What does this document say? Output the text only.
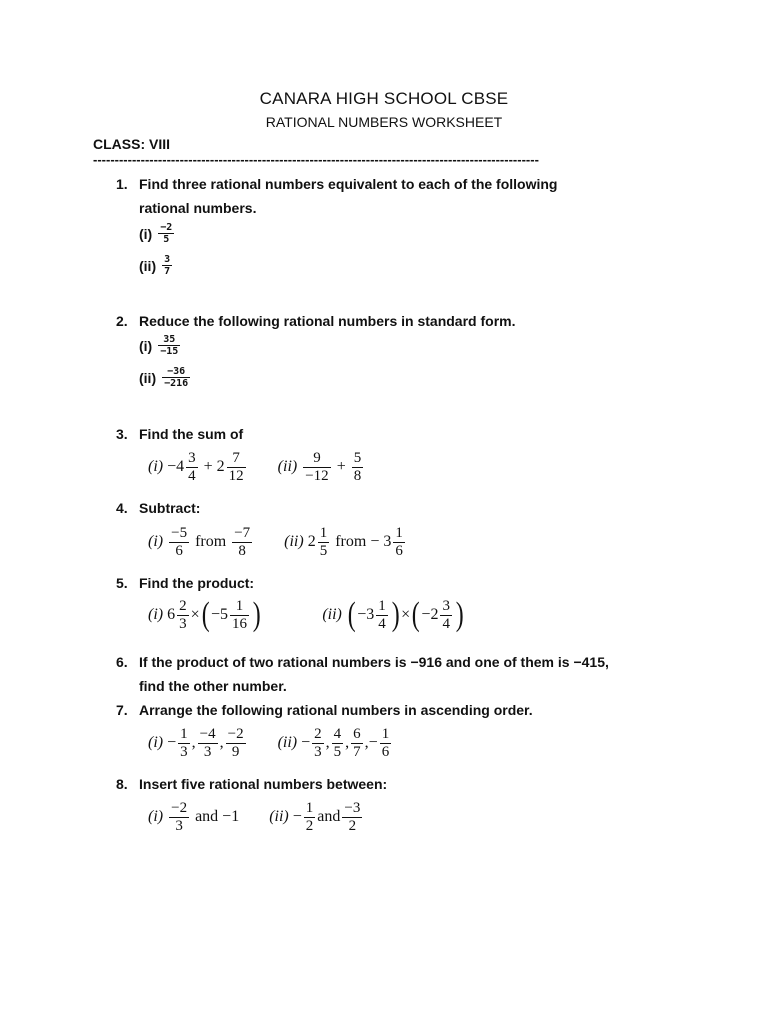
CANARA HIGH SCHOOL CBSE
RATIONAL NUMBERS WORKSHEET
CLASS: VIII
-------------------------------------------------------------------------------------------------------
1. Find three rational numbers equivalent to each of the following
rational numbers.
$(i) \frac{-2}{5}$
$(ii) \frac{3}{7}$
2. Reduce the following rational numbers in standard form.
$(i) \frac{35}{-15}$
$(ii) \frac{-36}{-216}$
3. Find the sum of
(i)
$-4 \frac{3}{4}$
+
$2 \frac{7}{12} (ii)$
$\frac{9}{-12}$
+
$\frac{5}{8}$
4. Subtract:
(i)
$\frac{-5}{6}$
from
$\frac{-7}{8} (ii)$
$2 \frac{1}{5}$
from
− $3 \frac{1}{6}$
5. Find the product:
(i)
$6 \frac{2}{3}$ × ( $-5 \frac{1}{16}$ )	(ii)
( $-3 \frac{1}{4}$ ) × ( $-2 \frac{3}{4}$ )
6. If the product of two rational numbers is −916 and one of them is −415,
find the other number.
7. Arrange the following rational numbers in ascending order.
(i)
− $\frac{1}{3}$ , $\frac{-4}{3}$ , $\frac{-2}{9} (ii)$
− $\frac{2}{3}$ , $\frac{4}{5}$ , $\frac{6}{7}$ , − $\frac{1}{6}$
8. Insert five rational numbers between:
(i)
$\frac{-2}{3}$
and −1 (ii)
− $\frac{1}{2}$ and $\frac{-3}{2}$
